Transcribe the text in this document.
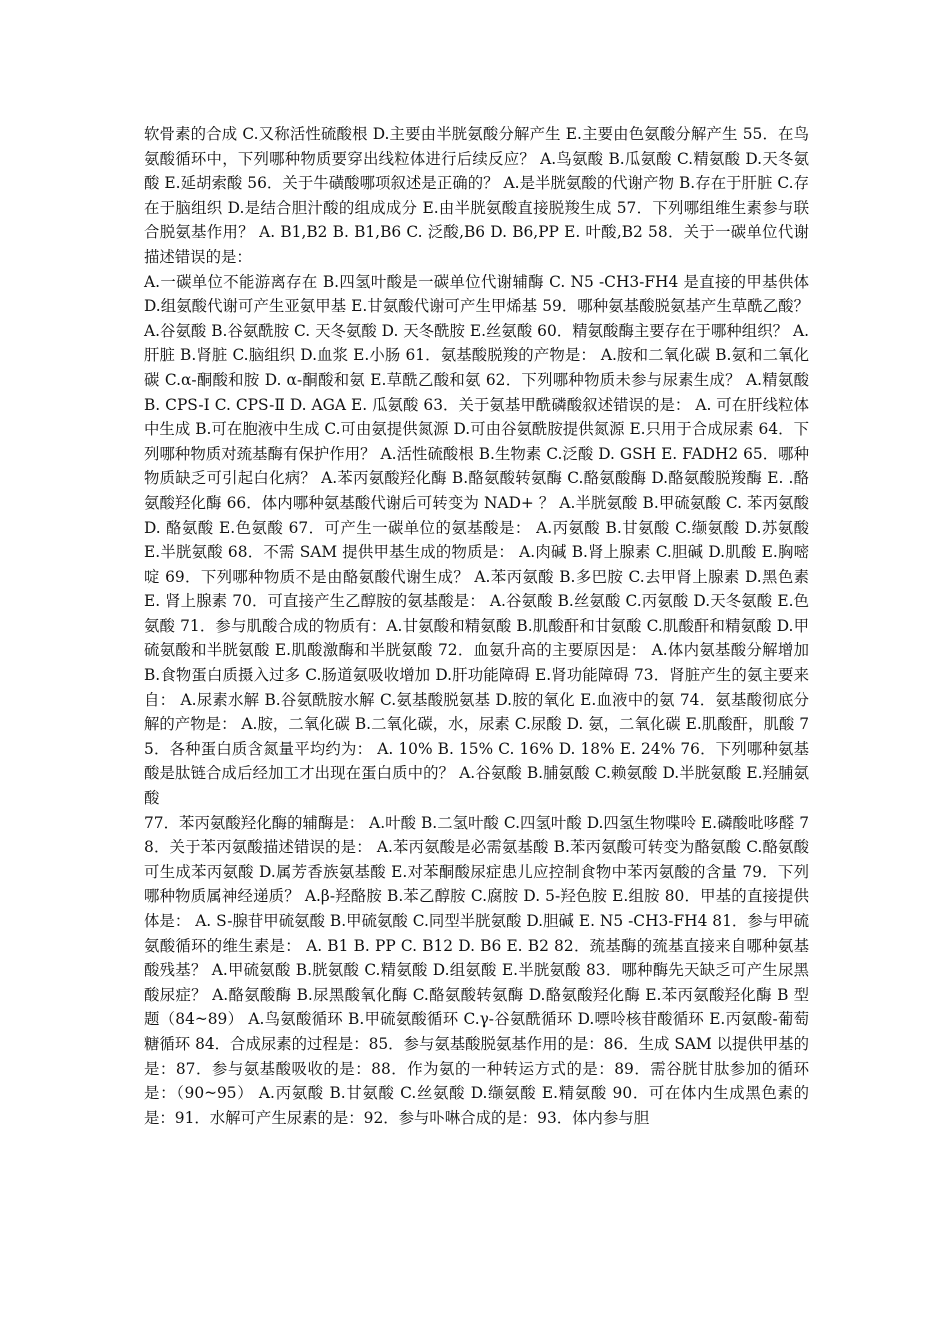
软骨素的合成 C.又称活性硫酸根 D.主要由半胱氨酸分解产生 E.主要由色氨酸分解产生 55．在鸟氨酸循环中，下列哪种物质要穿出线粒体进行后续反应？ A.鸟氨酸 B.瓜氨酸 C.精氨酸 D.天冬氨酸 E.延胡索酸 56．关于牛磺酸哪项叙述是正确的？ A.是半胱氨酸的代谢产物 B.存在于肝脏 C.存在于脑组织 D.是结合胆汁酸的组成成分 E.由半胱氨酸直接脱羧生成 57．下列哪组维生素参与联合脱氨基作用？ A. B1,B2 B. B1,B6 C. 泛酸,B6 D. B6,PP E. 叶酸,B2 58．关于一碳单位代谢描述错误的是：

A.一碳单位不能游离存在 B.四氢叶酸是一碳单位代谢辅酶 C. N5 -CH3-FH4 是直接的甲基供体 D.组氨酸代谢可产生亚氨甲基 E.甘氨酸代谢可产生甲烯基 59．哪种氨基酸脱氨基产生草酰乙酸？ A.谷氨酸 B.谷氨酰胺 C. 天冬氨酸 D. 天冬酰胺 E.丝氨酸 60．精氨酸酶主要存在于哪种组织？ A.肝脏 B.肾脏 C.脑组织 D.血浆 E.小肠 61．氨基酸脱羧的产物是： A.胺和二氧化碳 B.氨和二氧化碳 C.α-酮酸和胺 D. α-酮酸和氨 E.草酰乙酸和氨 62．下列哪种物质未参与尿素生成？ A.精氨酸 B. CPS-Ⅰ C. CPS-Ⅱ D. AGA E. 瓜氨酸 63．关于氨基甲酰磷酸叙述错误的是： A. 可在肝线粒体中生成 B.可在胞液中生成 C.可由氨提供氮源 D.可由谷氨酰胺提供氮源 E.只用于合成尿素 64．下列哪种物质对巯基酶有保护作用？ A.活性硫酸根 B.生物素 C.泛酸 D. GSH E. FADH2 65．哪种物质缺乏可引起白化病？ A.苯丙氨酸羟化酶 B.酪氨酸转氨酶 C.酪氨酸酶 D.酪氨酸脱羧酶 E. .酪氨酸羟化酶 66．体内哪种氨基酸代谢后可转变为 NAD+ ？ A.半胱氨酸 B.甲硫氨酸 C. 苯丙氨酸 D. 酪氨酸 E.色氨酸 67．可产生一碳单位的氨基酸是： A.丙氨酸 B.甘氨酸 C.缬氨酸 D.苏氨酸 E.半胱氨酸 68．不需 SAM 提供甲基生成的物质是： A.肉碱 B.肾上腺素 C.胆碱 D.肌酸 E.胸嘧啶 69．下列哪种物质不是由酪氨酸代谢生成？ A.苯丙氨酸 B.多巴胺 C.去甲肾上腺素 D.黑色素 E. 肾上腺素 70．可直接产生乙醇胺的氨基酸是： A.谷氨酸 B.丝氨酸 C.丙氨酸 D.天冬氨酸 E.色氨酸 71．参与肌酸合成的物质有：A.甘氨酸和精氨酸 B.肌酸酐和甘氨酸 C.肌酸酐和精氨酸 D.甲硫氨酸和半胱氨酸 E.肌酸激酶和半胱氨酸 72．血氨升高的主要原因是： A.体内氨基酸分解增加 B.食物蛋白质摄入过多 C.肠道氨吸收增加 D.肝功能障碍 E.肾功能障碍 73．肾脏产生的氨主要来自： A.尿素水解 B.谷氨酰胺水解 C.氨基酸脱氨基 D.胺的氧化 E.血液中的氨 74．氨基酸彻底分解的产物是： A.胺，二氧化碳 B.二氧化碳，水，尿素 C.尿酸 D. 氨，二氧化碳 E.肌酸酐，肌酸 75．各种蛋白质含氮量平均约为： A. 10% B. 15% C. 16% D. 18% E. 24% 76．下列哪种氨基酸是肽链合成后经加工才出现在蛋白质中的？ A.谷氨酸 B.脯氨酸 C.赖氨酸 D.半胱氨酸 E.羟脯氨酸

77．苯丙氨酸羟化酶的辅酶是： A.叶酸 B.二氢叶酸 C.四氢叶酸 D.四氢生物喋呤 E.磷酸吡哆醛 78．关于苯丙氨酸描述错误的是： A.苯丙氨酸是必需氨基酸 B.苯丙氨酸可转变为酪氨酸 C.酪氨酸可生成苯丙氨酸 D.属芳香族氨基酸 E.对苯酮酸尿症患儿应控制食物中苯丙氨酸的含量 79．下列哪种物质属神经递质？ A.β-羟酪胺 B.苯乙醇胺 C.腐胺 D. 5-羟色胺 E.组胺 80．甲基的直接提供体是： A. S-腺苷甲硫氨酸 B.甲硫氨酸 C.同型半胱氨酸 D.胆碱 E. N5 -CH3-FH4 81．参与甲硫氨酸循环的维生素是： A. B1 B. PP C. B12 D. B6 E. B2 82．巯基酶的巯基直接来自哪种氨基酸残基？ A.甲硫氨酸 B.胱氨酸 C.精氨酸 D.组氨酸 E.半胱氨酸 83．哪种酶先天缺乏可产生尿黑酸尿症？ A.酪氨酸酶 B.尿黑酸氧化酶 C.酪氨酸转氨酶 D.酪氨酸羟化酶 E.苯丙氨酸羟化酶 B 型题（84~89） A.鸟氨酸循环 B.甲硫氨酸循环 C.γ-谷氨酰循环 D.嘌呤核苷酸循环 E.丙氨酸-葡萄糖循环 84．合成尿素的过程是：85．参与氨基酸脱氨基作用的是：86．生成 SAM 以提供甲基的是：87．参与氨基酸吸收的是：88．作为氨的一种转运方式的是：89．需谷胱甘肽参加的循环是：（90~95） A.丙氨酸 B.甘氨酸 C.丝氨酸 D.缬氨酸 E.精氨酸 90．可在体内生成黑色素的是：91．水解可产生尿素的是：92．参与卟啉合成的是：93．体内参与胆
